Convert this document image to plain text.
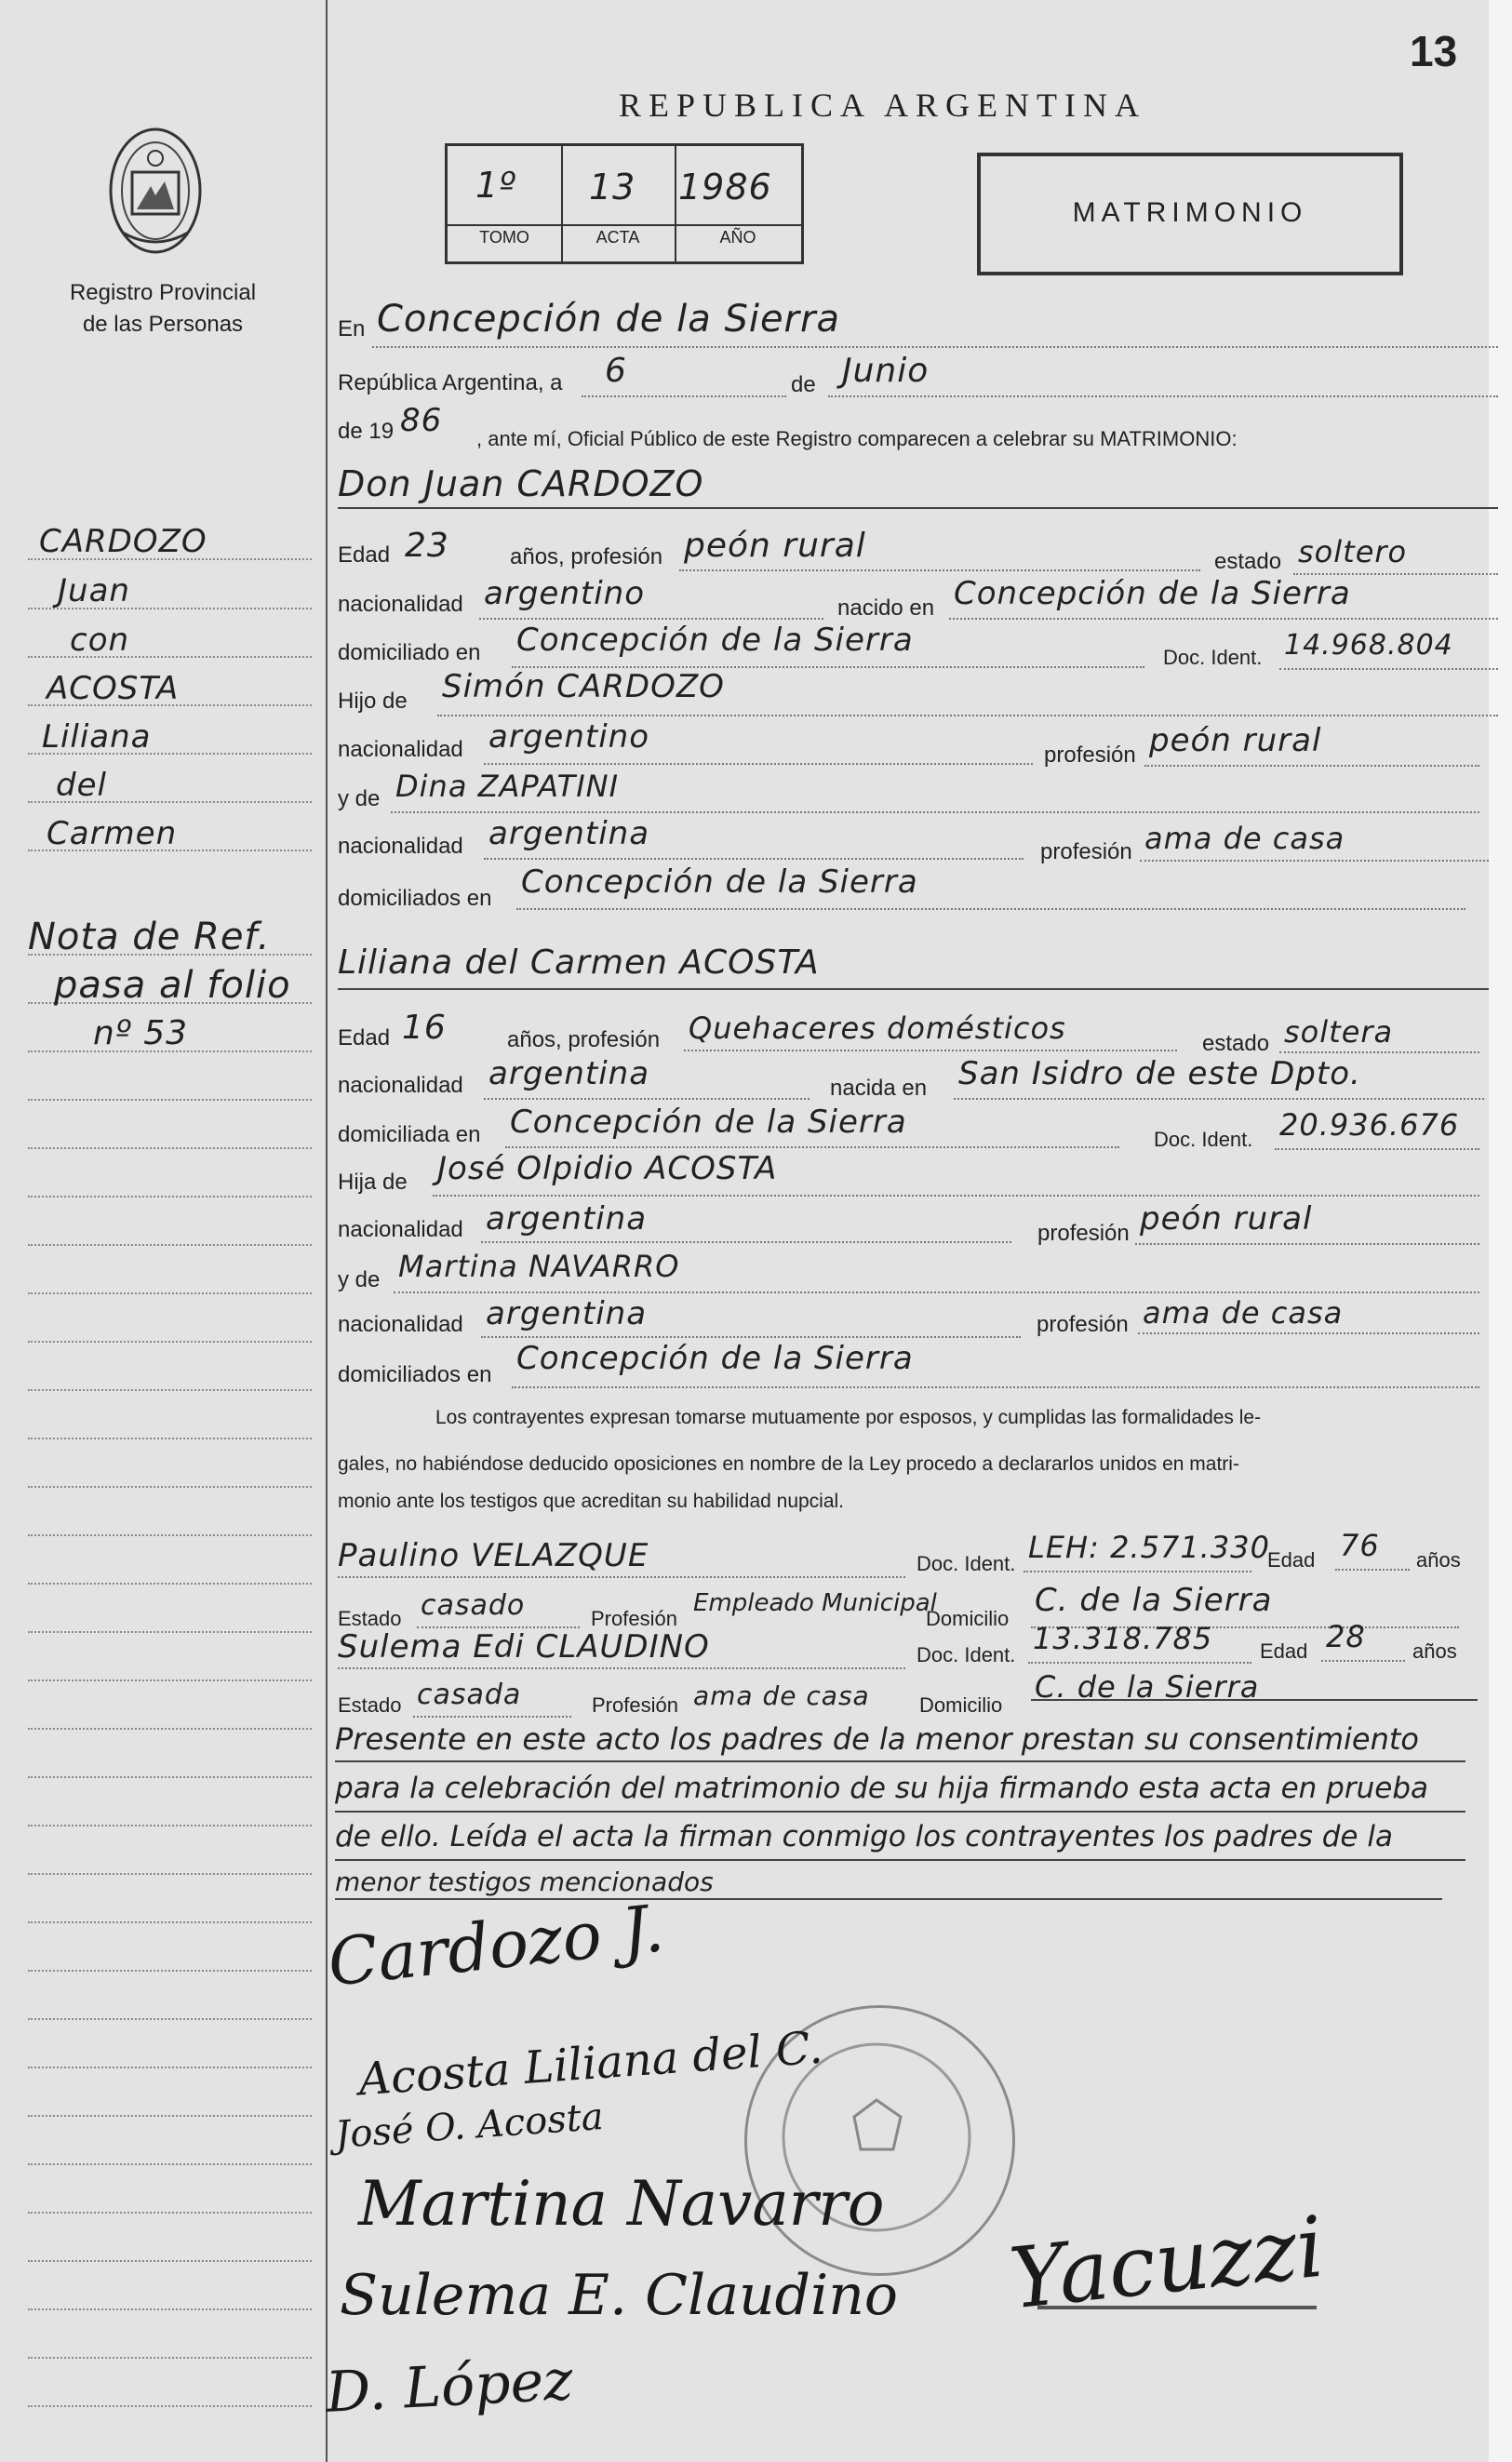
13
Registro Provincial
de las Personas
REPUBLICA ARGENTINA
1º
TOMO
13
ACTA
1986
AÑO
MATRIMONIO
CARDOZO
Juan
con
ACOSTA
Liliana
del
Carmen
Nota de Ref.
pasa al folio
nº 53
En Concepción de la Sierra
República Argentina, a 6	de Junio
de 19 86 , ante mí, Oficial Público de este Registro comparecen a celebrar su MATRIMONIO:
Don Juan CARDOZO
Edad 23	años, profesión peón rural	estado soltero
nacionalidad argentino	nacido en Concepción de la Sierra
domiciliado en Concepción de la Sierra	Doc. Ident. 14.968.804
Hijo de Simón CARDOZO
nacionalidad argentino	profesión peón rural
y de Dina ZAPATINI
nacionalidad argentina	profesión ama de casa
domiciliados en Concepción de la Sierra
Liliana del Carmen ACOSTA
Edad 16	años, profesión Quehaceres domésticos	estado soltera
nacionalidad argentina	nacida en San Isidro de este Dpto.
domiciliada en Concepción de la Sierra	Doc. Ident. 20.936.676
Hija de José Olpidio ACOSTA
nacionalidad argentina	profesión peón rural
y de Martina NAVARRO
nacionalidad argentina	profesión ama de casa
domiciliados en Concepción de la Sierra
Los contrayentes expresan tomarse mutuamente por esposos, y cumplidas las formalidades le-
gales, no habiéndose deducido oposiciones en nombre de la Ley procedo a declararlos unidos en matri-
monio ante los testigos que acreditan su habilidad nupcial.
Paulino VELAZQUE	Doc. Ident. LEH: 2.571.330
Edad 76 años
Estado casado	Profesión
Empleado Municipal
Domicilio C. de la Sierra
Sulema Edi CLAUDINO	Doc. Ident. 13.318.785 Edad 28 años
Estado casada	Profesión ama de casa Domicilio
C. de la Sierra
Presente en este acto los padres de la menor prestan su consentimiento
para la celebración del matrimonio de su hija firmando esta acta en prueba
de ello. Leída el acta la firman conmigo los contrayentes los padres de la
menor testigos mencionados
Cardozo J.
Acosta Liliana del C.
José O. Acosta
Martina Navarro
Sulema E. Claudino
D. López
Yacuzzi
